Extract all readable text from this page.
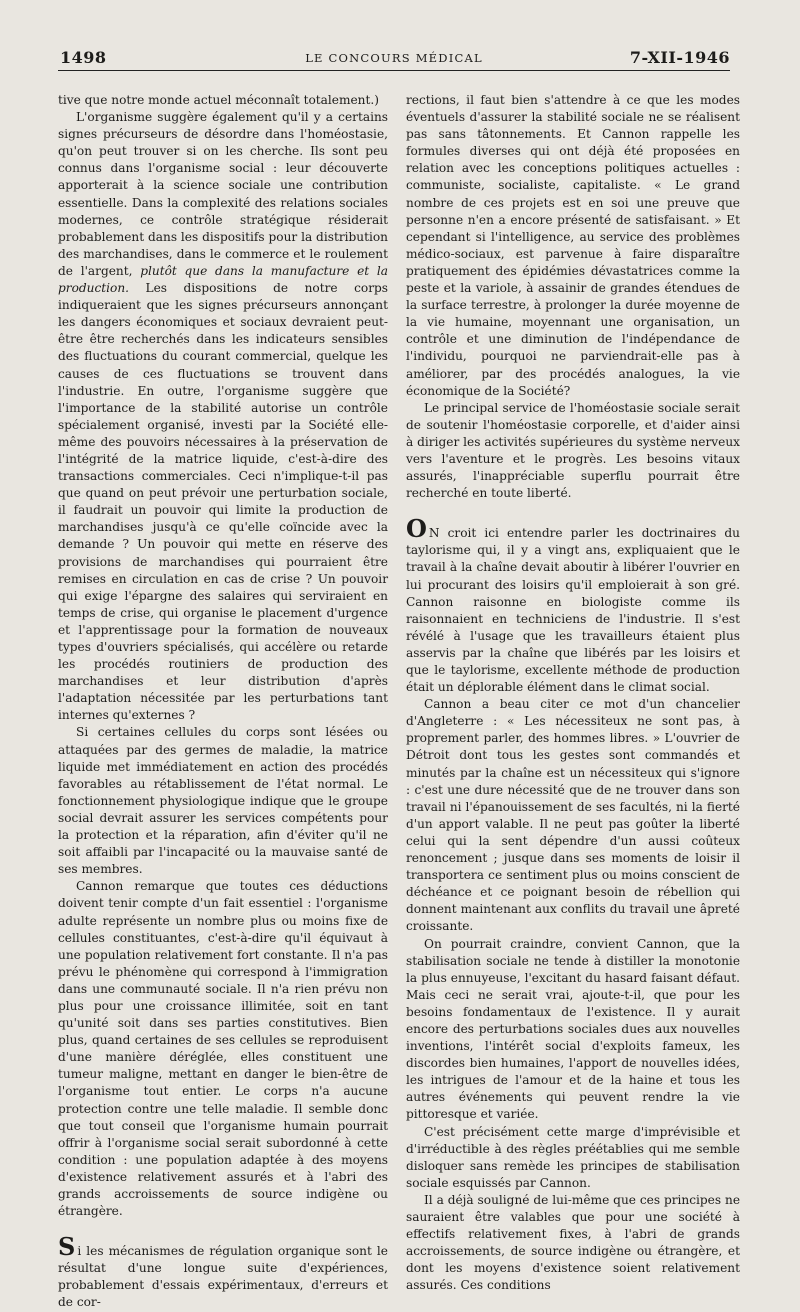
1498	LE CONCOURS MÉDICAL	7-XII-1946

tive que notre monde actuel méconnaît totalement.)

L'organisme suggère également qu'il y a certains signes précurseurs de désordre dans l'homéostasie, qu'on peut trouver si on les cherche. Ils sont peu connus dans l'organisme social : leur découverte apporterait à la science sociale une contribution essentielle. Dans la complexité des relations sociales modernes, ce contrôle stratégique résiderait probablement dans les dispositifs pour la distribution des marchandises, dans le commerce et le roulement de l'argent, plutôt que dans la manufacture et la production. Les dispositions de notre corps indiqueraient que les signes précurseurs annonçant les dangers économiques et sociaux devraient peut-être être recherchés dans les indicateurs sensibles des fluctuations du courant commercial, quelque les causes de ces fluctuations se trouvent dans l'industrie. En outre, l'organisme suggère que l'importance de la stabilité autorise un contrôle spécialement organisé, investi par la Société elle-même des pouvoirs nécessaires à la préservation de l'intégrité de la matrice liquide, c'est-à-dire des transactions commerciales. Ceci n'implique-t-il pas que quand on peut prévoir une perturbation sociale, il faudrait un pouvoir qui limite la production de marchandises jusqu'à ce qu'elle coïncide avec la demande ? Un pouvoir qui mette en réserve des provisions de marchandises qui pourraient être remises en circulation en cas de crise ? Un pouvoir qui exige l'épargne des salaires qui serviraient en temps de crise, qui organise le placement d'urgence et l'apprentissage pour la formation de nouveaux types d'ouvriers spécialisés, qui accélère ou retarde les procédés routiniers de production des marchandises et leur distribution d'après l'adaptation nécessitée par les perturbations tant internes qu'externes ?

Si certaines cellules du corps sont lésées ou attaquées par des germes de maladie, la matrice liquide met immédiatement en action des procédés favorables au rétablissement de l'état normal. Le fonctionnement physiologique indique que le groupe social devrait assurer les services compétents pour la protection et la réparation, afin d'éviter qu'il ne soit affaibli par l'incapacité ou la mauvaise santé de ses membres.

Cannon remarque que toutes ces déductions doivent tenir compte d'un fait essentiel : l'organisme adulte représente un nombre plus ou moins fixe de cellules constituantes, c'est-à-dire qu'il équivaut à une population relativement fort constante. Il n'a pas prévu le phénomène qui correspond à l'immigration dans une communauté sociale. Il n'a rien prévu non plus pour une croissance illimitée, soit en tant qu'unité soit dans ses parties constitutives. Bien plus, quand certaines de ses cellules se reproduisent d'une manière déréglée, elles constituent une tumeur maligne, mettant en danger le bien-être de l'organisme tout entier. Le corps n'a aucune protection contre une telle maladie. Il semble donc que tout conseil que l'organisme humain pourrait offrir à l'organisme social serait subordonné à cette condition : une population adaptée à des moyens d'existence relativement assurés et à l'abri des grands accroissements de source indigène ou étrangère.

Si les mécanismes de régulation organique sont le résultat d'une longue suite d'expériences, probablement d'essais expérimentaux, d'erreurs et de cor-

rections, il faut bien s'attendre à ce que les modes éventuels d'assurer la stabilité sociale ne se réalisent pas sans tâtonnements. Et Cannon rappelle les formules diverses qui ont déjà été proposées en relation avec les conceptions politiques actuelles : communiste, socialiste, capitaliste. « Le grand nombre de ces projets est en soi une preuve que personne n'en a encore présenté de satisfaisant. » Et cependant si l'intelligence, au service des problèmes médico-sociaux, est parvenue à faire disparaître pratiquement des épidémies dévastatrices comme la peste et la variole, à assainir de grandes étendues de la surface terrestre, à prolonger la durée moyenne de la vie humaine, moyennant une organisation, un contrôle et une diminution de l'indépendance de l'individu, pourquoi ne parviendrait-elle pas à améliorer, par des procédés analogues, la vie économique de la Société?

Le principal service de l'homéostasie sociale serait de soutenir l'homéostasie corporelle, et d'aider ainsi à diriger les activités supérieures du système nerveux vers l'aventure et le progrès. Les besoins vitaux assurés, l'inappréciable superflu pourrait être recherché en toute liberté.

O N croit ici entendre parler les doctrinaires du taylorisme qui, il y a vingt ans, expliquaient que le travail à la chaîne devait aboutir à libérer l'ouvrier en lui procurant des loisirs qu'il emploierait à son gré. Cannon raisonne en biologiste comme ils raisonnaient en techniciens de l'industrie. Il s'est révélé à l'usage que les travailleurs étaient plus asservis par la chaîne que libérés par les loisirs et que le taylorisme, excellente méthode de production était un déplorable élément dans le climat social.

Cannon a beau citer ce mot d'un chancelier d'Angleterre : « Les nécessiteux ne sont pas, à proprement parler, des hommes libres. » L'ouvrier de Détroit dont tous les gestes sont commandés et minutés par la chaîne est un nécessiteux qui s'ignore : c'est une dure nécessité que de ne trouver dans son travail ni l'épanouissement de ses facultés, ni la fierté d'un apport valable. Il ne peut pas goûter la liberté celui qui la sent dépendre d'un aussi coûteux renoncement ; jusque dans ses moments de loisir il transportera ce sentiment plus ou moins conscient de déchéance et ce poignant besoin de rébellion qui donnent maintenant aux conflits du travail une âpreté croissante.

On pourrait craindre, convient Cannon, que la stabilisation sociale ne tende à distiller la monotonie la plus ennuyeuse, l'excitant du hasard faisant défaut. Mais ceci ne serait vrai, ajoute-t-il, que pour les besoins fondamentaux de l'existence. Il y aurait encore des perturbations sociales dues aux nouvelles inventions, l'intérêt social d'exploits fameux, les discordes bien humaines, l'apport de nouvelles idées, les intrigues de l'amour et de la haine et tous les autres événements qui peuvent rendre la vie pittoresque et variée.

C'est précisément cette marge d'imprévisible et d'irréductible à des règles préétablies qui me semble disloquer sans remède les principes de stabilisation sociale esquissés par Cannon.

Il a déjà souligné de lui-même que ces principes ne sauraient être valables que pour une société à effectifs relativement fixes, à l'abri de grands accroissements, de source indigène ou étrangère, et dont les moyens d'existence soient relativement assurés. Ces conditions
